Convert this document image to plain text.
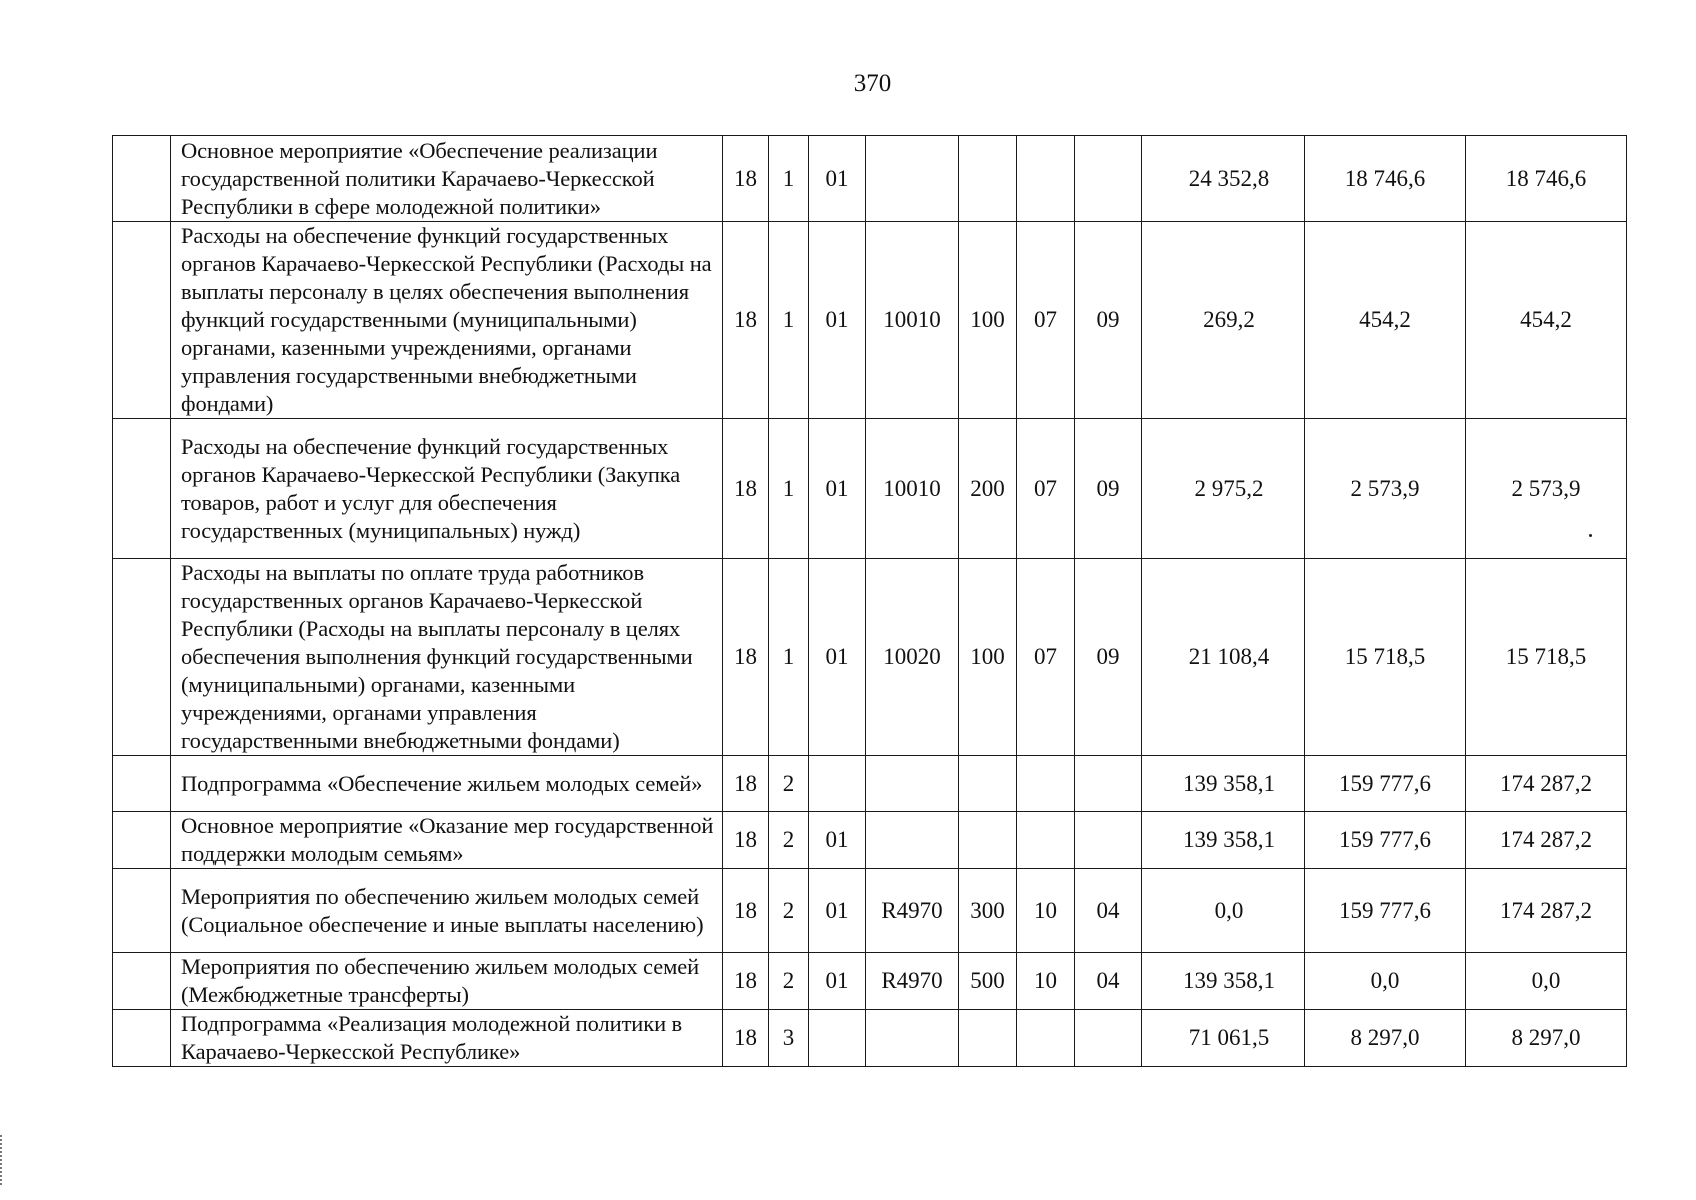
370
	Основное мероприятие «Обеспечение реализации государственной политики Карачаево-Черкесской Республики в сфере молодежной политики»	18	1	01					24 352,8	18 746,6	18 746,6
	Расходы на обеспечение функций государственных органов Карачаево-Черкесской Республики (Расходы на выплаты персоналу в целях обеспечения выполнения функций государственными (муниципальными) органами, казенными учреждениями, органами управления государственными внебюджетными фондами)	18	1	01	10010	100	07	09	269,2	454,2	454,2
	Расходы на обеспечение функций государственных органов Карачаево-Черкесской Республики (Закупка товаров, работ и услуг для обеспечения государственных (муниципальных) нужд)	18	1	01	10010	200	07	09	2 975,2	2 573,9	2 573,9
	Расходы на выплаты по оплате труда работников государственных органов Карачаево-Черкесской Республики (Расходы на выплаты персоналу в целях обеспечения выполнения функций государственными (муниципальными) органами, казенными учреждениями, органами управления государственными внебюджетными фондами)	18	1	01	10020	100	07	09	21 108,4	15 718,5	15 718,5
	Подпрограмма «Обеспечение жильем молодых семей»	18	2						139 358,1	159 777,6	174 287,2
	Основное мероприятие «Оказание мер государственной поддержки молодым семьям»	18	2	01					139 358,1	159 777,6	174 287,2
	Мероприятия по обеспечению жильем молодых семей (Социальное обеспечение и иные выплаты населению)	18	2	01	R4970	300	10	04	0,0	159 777,6	174 287,2
	Мероприятия по обеспечению жильем молодых семей (Межбюджетные трансферты)	18	2	01	R4970	500	10	04	139 358,1	0,0	0,0
	Подпрограмма «Реализация молодежной политики в Карачаево-Черкесской Республике»	18	3						71 061,5	8 297,0	8 297,0
